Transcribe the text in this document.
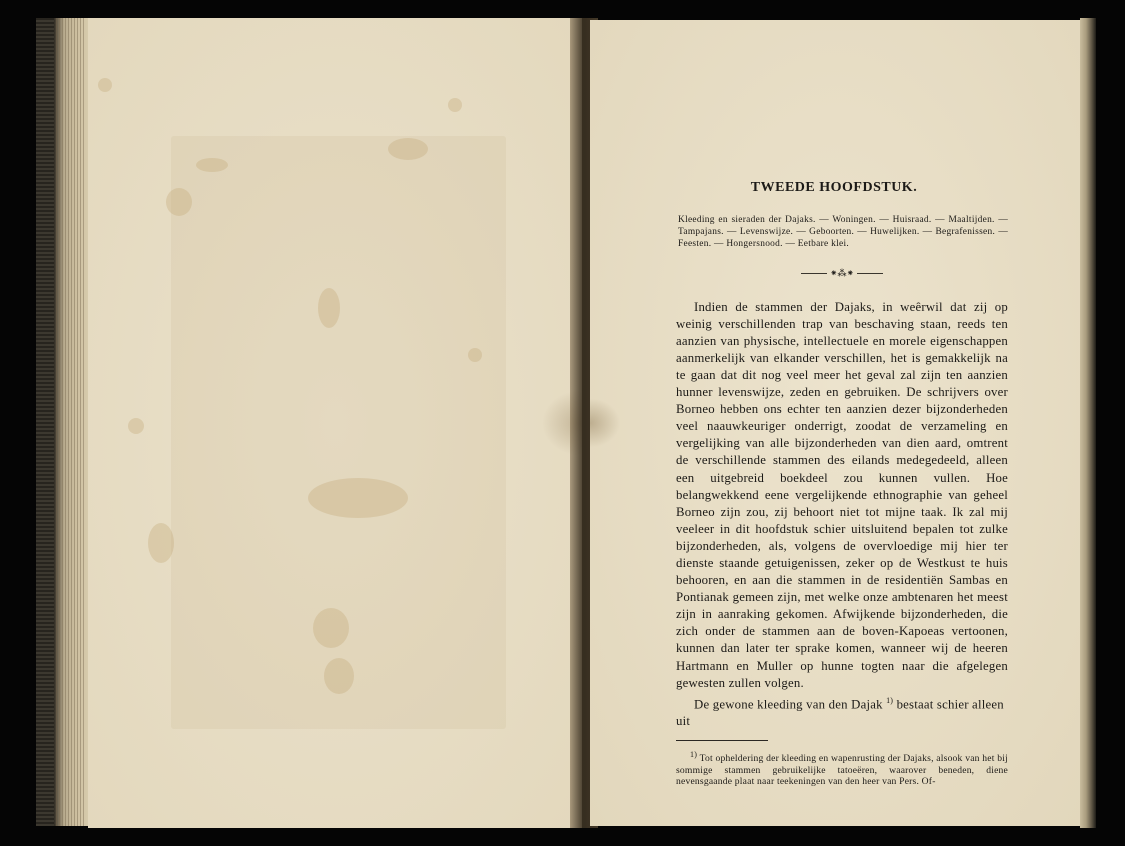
TWEEDE HOOFDSTUK.

Kleeding en sieraden der Dajaks. — Woningen. — Huisraad. — Maaltijden. — Tampajans. — Levenswijze. — Geboorten. — Huwelijken. — Begrafenissen. — Feesten. — Hongersnood. — Eetbare klei.

⁕⁂⁕

Indien de stammen der Dajaks, in weêrwil dat zij op weinig verschillenden trap van beschaving staan, reeds ten aanzien van physische, intellectuele en morele eigenschappen aanmerkelijk van elkander verschillen, het is gemakkelijk na te gaan dat dit nog veel meer het geval zal zijn ten aanzien hunner levenswijze, zeden en gebruiken. De schrijvers over Borneo hebben ons echter ten aanzien dezer bijzonderheden veel naauwkeuriger onderrigt, zoodat de verzameling en vergelijking van alle bijzonderheden van dien aard, omtrent de verschillende stammen des eilands medegedeeld, alleen een uitgebreid boekdeel zou kunnen vullen. Hoe belangwekkend eene vergelijkende ethnographie van geheel Borneo zijn zou, zij behoort niet tot mijne taak. Ik zal mij veeleer in dit hoofdstuk schier uitsluitend bepalen tot zulke bijzonderheden, als, volgens de overvloedige mij hier ter dienste staande getuigenissen, zeker op de Westkust te huis behooren, en aan die stammen in de residentiën Sambas en Pontianak gemeen zijn, met welke onze ambtenaren het meest zijn in aanraking gekomen. Afwijkende bijzonderheden, die zich onder de stammen aan de boven-Kapoeas vertoonen, kunnen dan later ter sprake komen, wanneer wij de heeren Hartmann en Muller op hunne togten naar die afgelegen gewesten zullen volgen.

De gewone kleeding van den Dajak $^{1)}$ bestaat schier alleen uit

$^{1)}$ Tot opheldering der kleeding en wapenrusting der Dajaks, alsook van het bij sommige stammen gebruikelijke tatoeëren, waarover beneden, diene nevensgaande plaat naar teekeningen van den heer van Pers. Of-
